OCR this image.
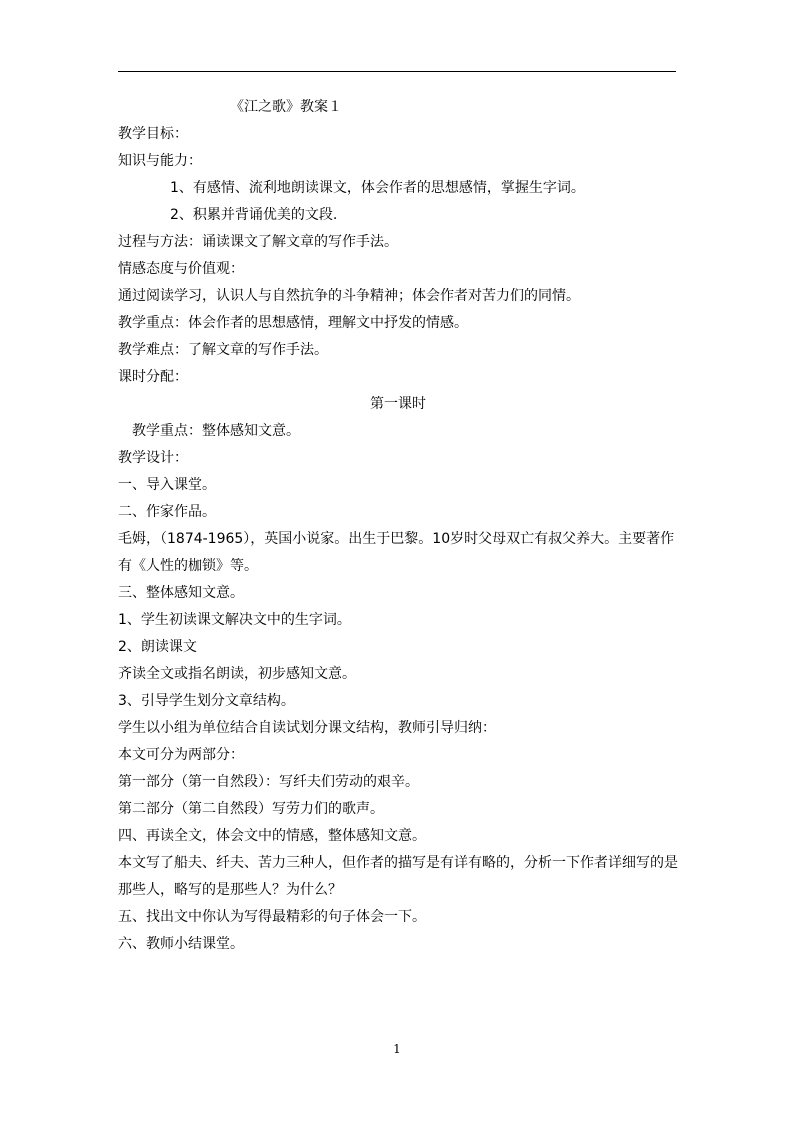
《江之歌》教案１

教学目标：

知识与能力：

1、有感情、流利地朗读课文，体会作者的思想感情，掌握生字词。

2、积累并背诵优美的文段.

过程与方法：诵读课文了解文章的写作手法。

情感态度与价值观：

通过阅读学习，认识人与自然抗争的斗争精神；体会作者对苦力们的同情。

教学重点：体会作者的思想感情，理解文中抒发的情感。

教学难点：了解文章的写作手法。

课时分配：

第一课时

教学重点：整体感知文意。

教学设计：

一、导入课堂。

二、作家作品。

毛姆，（1874-1965），英国小说家。出生于巴黎。10岁时父母双亡有叔父养大。主要著作有《人性的枷锁》等。

三、整体感知文意。

1、学生初读课文解决文中的生字词。

2、朗读课文

齐读全文或指名朗读，初步感知文意。

3、引导学生划分文章结构。

学生以小组为单位结合自读试划分课文结构，教师引导归纳：

本文可分为两部分：

第一部分（第一自然段）：写纤夫们劳动的艰辛。

第二部分（第二自然段）写劳力们的歌声。

四、再读全文，体会文中的情感，整体感知文意。

本文写了船夫、纤夫、苦力三种人，但作者的描写是有详有略的，分析一下作者详细写的是那些人，略写的是那些人？为什么？

五、找出文中你认为写得最精彩的句子体会一下。

六、教师小结课堂。

1
